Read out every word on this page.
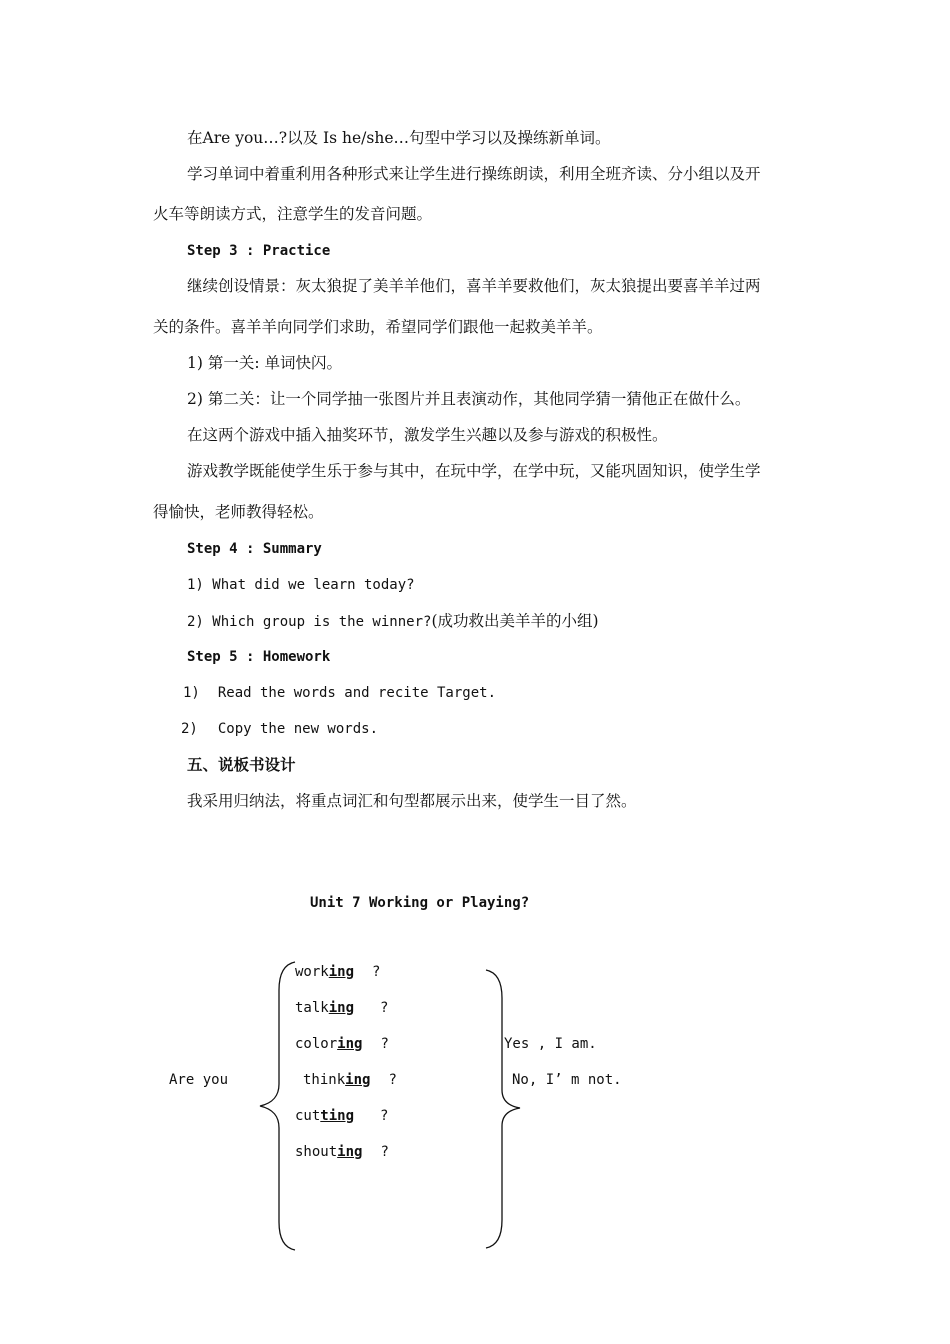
在Are you…?以及 Is he/she…句型中学习以及操练新单词。
学习单词中着重利用各种形式来让学生进行操练朗读，利用全班齐读、分小组以及开
火车等朗读方式，注意学生的发音问题。
Step 3 : Practice
继续创设情景：灰太狼捉了美羊羊他们，喜羊羊要救他们，灰太狼提出要喜羊羊过两
关的条件。喜羊羊向同学们求助，希望同学们跟他一起救美羊羊。
1) 第一关: 单词快闪。
2) 第二关：让一个同学抽一张图片并且表演动作，其他同学猜一猜他正在做什么。
在这两个游戏中插入抽奖环节，激发学生兴趣以及参与游戏的积极性。
游戏教学既能使学生乐于参与其中，在玩中学，在学中玩，又能巩固知识，使学生学
得愉快，老师教得轻松。
Step 4 : Summary
1) What did we learn today?
2) Which group is the winner?(成功救出美羊羊的小组)
Step 5 : Homework
1) Read the words and recite Target.
2) Copy the new words.
五、说板书设计
我采用归纳法，将重点词汇和句型都展示出来，使学生一目了然。
Unit 7 Working or Playing?
Are you
working ?
talking ?
coloring ?
thinking ?
cutting ?
shouting ?
Yes , I am.
No, I’ m not.
